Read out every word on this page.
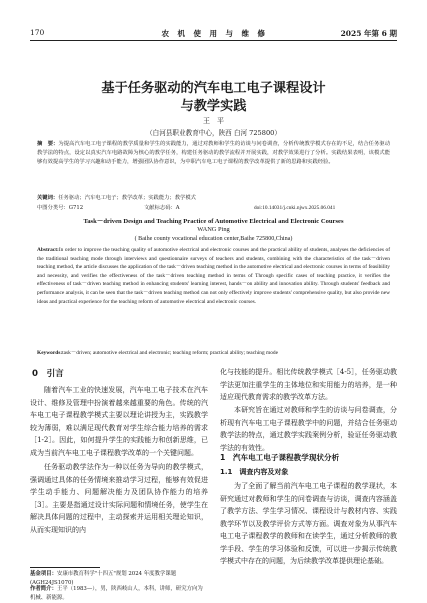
170	农　机　使　用　与　维　修	2025 年第 6 期
基于任务驱动的汽车电工电子课程设计
与教学实践
王　平
（白河县职业教育中心，陕西 白河 725800）
摘　要：为提高汽车电工电子课程的教学质量和学生的实践能力，通过对教师和学生的访谈与问卷调查，分析传统教学模式存在的不足，结合任务驱动教学法的特点，设定以真实汽车电路故障为核心的教学任务，构建任务驱动的教学流程并开展实践，对教学效果进行了分析。实践结果表明，该模式能够有效提高学生的学习兴趣和动手能力，增强团队协作意识，为中职汽车电工电子课程的教学改革提供了新的思路和实践经验。
关键词：任务驱动；汽车电工电子；教学改革；实践能力；教学模式
中图分类号：G712	文献标志码：A	doi:10.14031/j.cnki.njwx.2025.06.041
Task－driven Design and Teaching Practice of Automotive Electrical and Electronic Courses
WANG Ping
( Baihe county vocational education center,Baihe 725800,China)
Abstract:In order to improve the teaching quality of automotive electrical and electronic courses and the practical ability of students, analyses the deficiencies of the traditional teaching mode through interviews and questionnaire surveys of teachers and students, combining with the characteristics of the task－driven teaching method, the article discusses the application of the task－driven teaching method in the automotive electrical and electronic courses in terms of feasibility and necessity, and verifies the effectiveness of the task－driven teaching method in terms of Through specific cases of teaching practice, it verifies the effectiveness of task－driven teaching method in enhancing students' learning interest, hands－on ability and innovation ability. Through students' feedback and performance analysis, it can be seen that the task－driven teaching method can not only effectively improve students' comprehensive quality, but also provide new ideas and practical experience for the teaching reform of automotive electrical and electronic courses.
Keywords:task－driven; automotive electrical and electronic; teaching reform; practical ability; teaching mode
0　引言
随着汽车工业的快速发展，汽车电工电子技术在汽车设计、维修及管理中扮演着越来越重要的角色。传统的汽车电工电子课程教学模式主要以理论讲授为主，实践教学较为薄弱，难以满足现代教育对学生综合能力培养的需求［1-2］。因此，如何提升学生的实践能力和创新思维，已成为当前汽车电工电子课程教学改革的一个关键问题。
任务驱动教学法作为一种以任务为导向的教学模式，强调通过具体的任务情境来推动学习过程，能够有效促进学生动手能力、问题解决能力及团队协作能力的培养［3］。主要是指通过设计实际问题和情境任务，使学生在解决具体问题的过程中，主动探索并运用相关理论知识，从而实现知识的内
基金项目：安康市教育科学"十四五"规划 2024 年度教学课题(AGH24JS1070)
作者简介：王平（1983—），男，陕西岐山人，本科，讲师，研究方向为机械、新能源。
化与技能的提升。相比传统教学模式［4-5］，任务驱动教学法更加注重学生的主体地位和实用能力的培养，是一种适应现代教育需求的教学改革方法。
本研究旨在通过对教师和学生的访谈与问卷调查，分析现有汽车电工电子课程教学中的问题，并结合任务驱动教学法的特点，通过教学实践案例分析，验证任务驱动教学法的有效性。
1　汽车电工电子课程教学现状分析
1.1　调查内容及对象
为了全面了解当前汽车电工电子课程的教学现状，本研究通过对教师和学生的问卷调查与访谈，调查内容涵盖了教学方法、学生学习情况、课程设计与教材内容、实践教学环节以及教学评价方式等方面。调查对象为从事汽车电工电子课程教学的教师和在读学生，通过分析教师的教学手段、学生的学习体验和反馈，可以进一步揭示传统教学模式中存在的问题，为后续教学改革提供理论基础。
